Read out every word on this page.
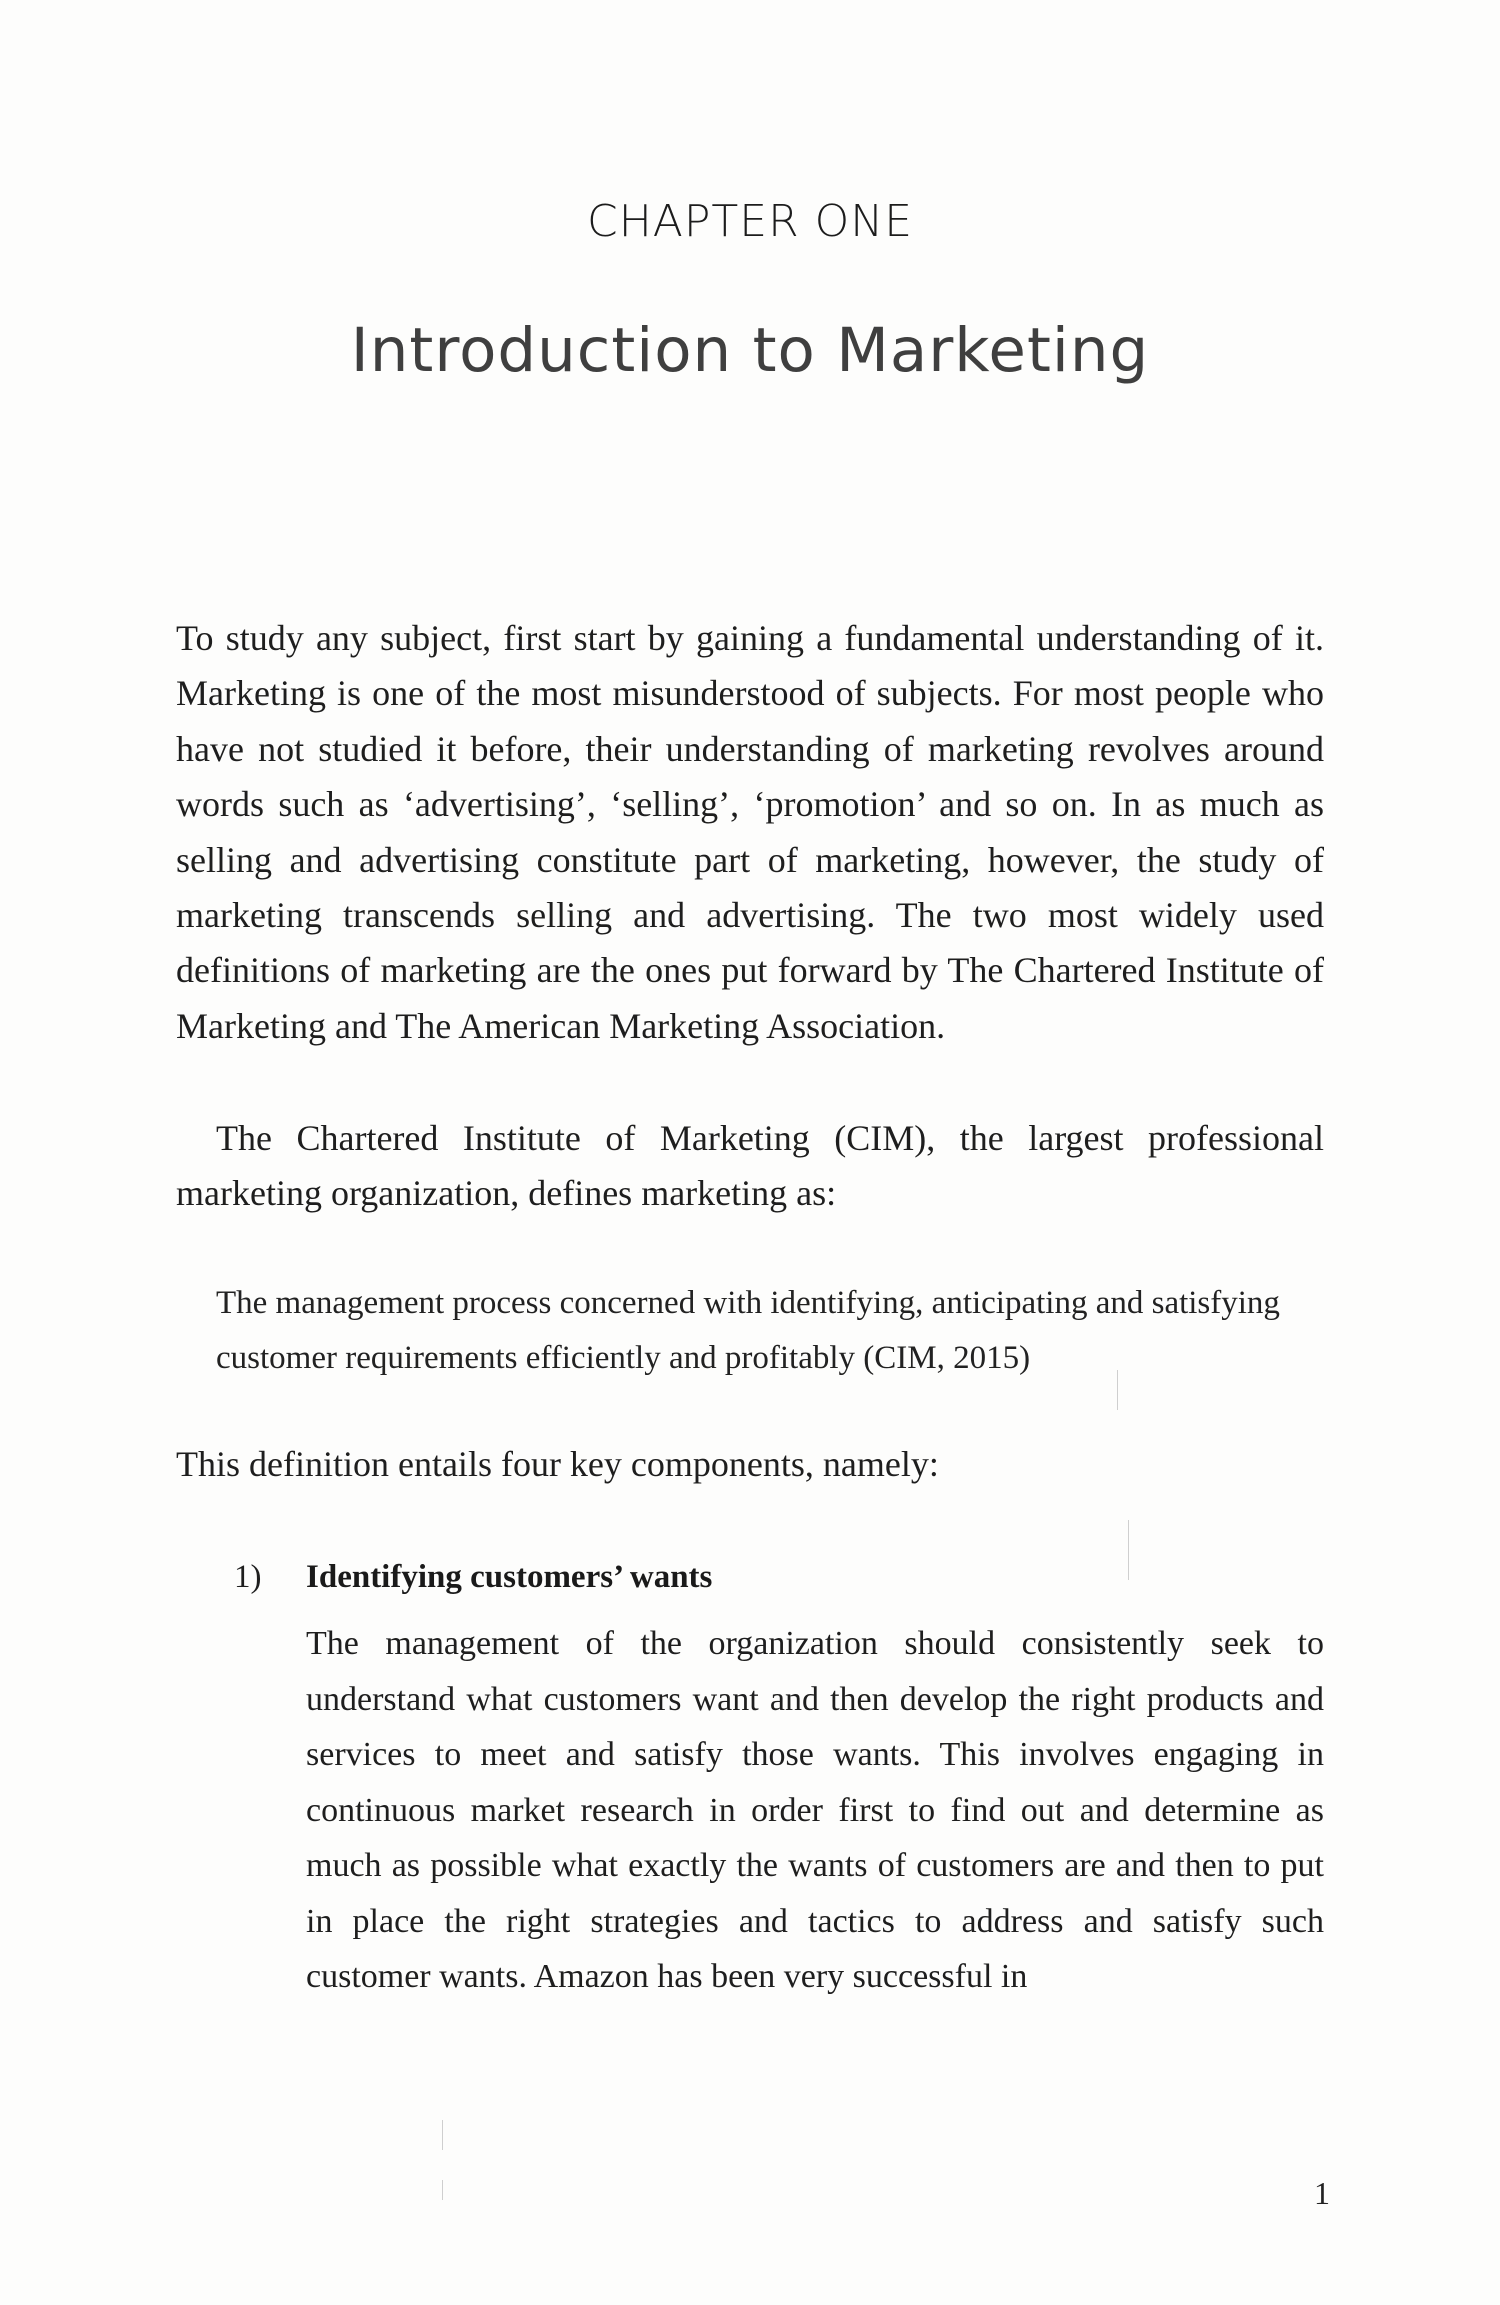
CHAPTER ONE
Introduction to Marketing

To study any subject, first start by gaining a fundamental understanding of it. Marketing is one of the most misunderstood of subjects. For most people who have not studied it before, their understanding of marketing revolves around words such as ‘advertising’, ‘selling’, ‘promotion’ and so on. In as much as selling and advertising constitute part of marketing, however, the study of marketing transcends selling and advertising. The two most widely used definitions of marketing are the ones put forward by The Chartered Institute of Marketing and The American Marketing Association.

The Chartered Institute of Marketing (CIM), the largest professional marketing organization, defines marketing as:

The management process concerned with identifying, anticipating and satisfying customer requirements efficiently and profitably (CIM, 2015)

This definition entails four key components, namely:

1) Identifying customers’ wants

The management of the organization should consistently seek to understand what customers want and then develop the right products and services to meet and satisfy those wants. This involves engaging in continuous market research in order first to find out and determine as much as possible what exactly the wants of customers are and then to put in place the right strategies and tactics to address and satisfy such customer wants. Amazon has been very successful in

1
